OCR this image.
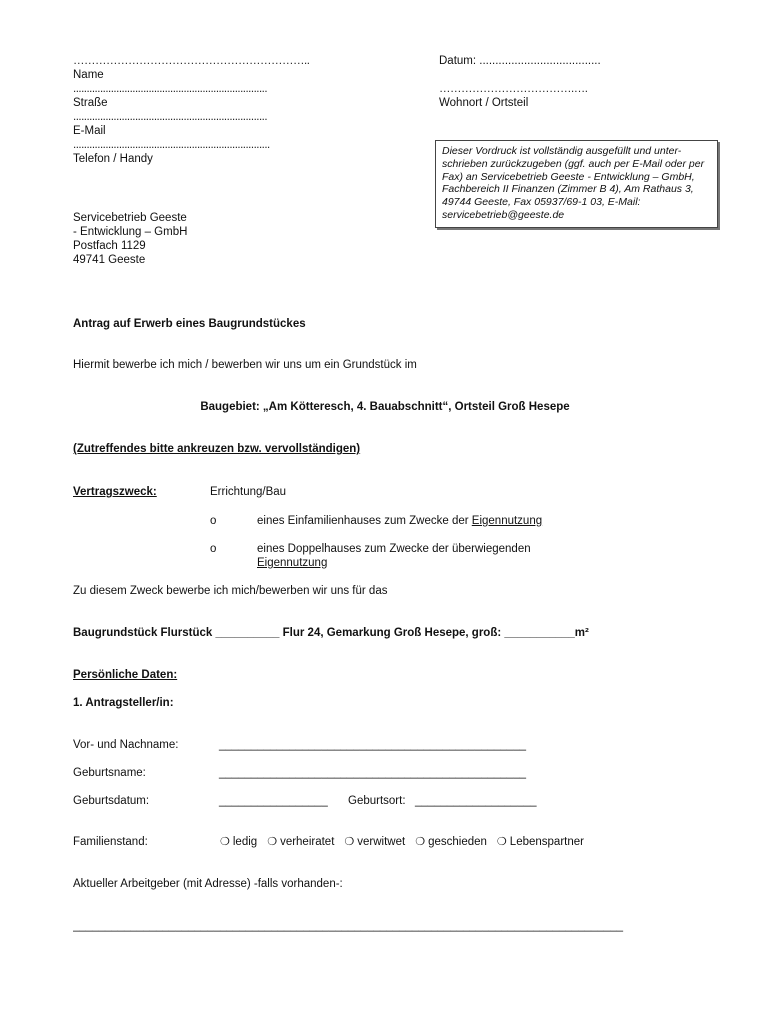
………………………………………………………..
Name
........................................................................
Straße
........................................................................
E-Mail
.........................................................................
Telefon / Handy
Datum: ......................................
……………………………….….
Wohnort / Ortsteil
Dieser Vordruck ist vollständig ausgefüllt und unter-schrieben zurückzugeben (ggf. auch per E-Mail oder per Fax) an Servicebetrieb Geeste - Entwicklung – GmbH, Fachbereich II Finanzen (Zimmer B 4), Am Rathaus 3, 49744 Geeste, Fax 05937/69-1 03, E-Mail: servicebetrieb@geeste.de
Servicebetrieb Geeste
- Entwicklung – GmbH
Postfach 1129
49741 Geeste
Antrag auf Erwerb eines Baugrundstückes
Hiermit bewerbe ich mich / bewerben wir uns um ein Grundstück im
Baugebiet: „Am Kötteresch, 4. Bauabschnitt“, Ortsteil Groß Hesepe
(Zutreffendes bitte ankreuzen bzw. vervollständigen)
Vertragszweck:	Errichtung/Bau
o	eines Einfamilienhauses zum Zwecke der Eigennutzung
o	eines Doppelhauses zum Zwecke der überwiegenden
Eigennutzung
Zu diesem Zweck bewerbe ich mich/bewerben wir uns für das
Baugrundstück Flurstück __________ Flur 24, Gemarkung Groß Hesepe, groß: ___________m²
Persönliche Daten:
1. Antragsteller/in:
Vor- und Nachname:	________________________________________________
Geburtsname:	________________________________________________
Geburtsdatum:	_________________ Geburtsort: ___________________
Familienstand:	❍ ledig ❍ verheiratet ❍ verwitwet ❍ geschieden ❍ Lebenspartner
Aktueller Arbeitgeber (mit Adresse) -falls vorhanden-:
______________________________________________________________________________________
